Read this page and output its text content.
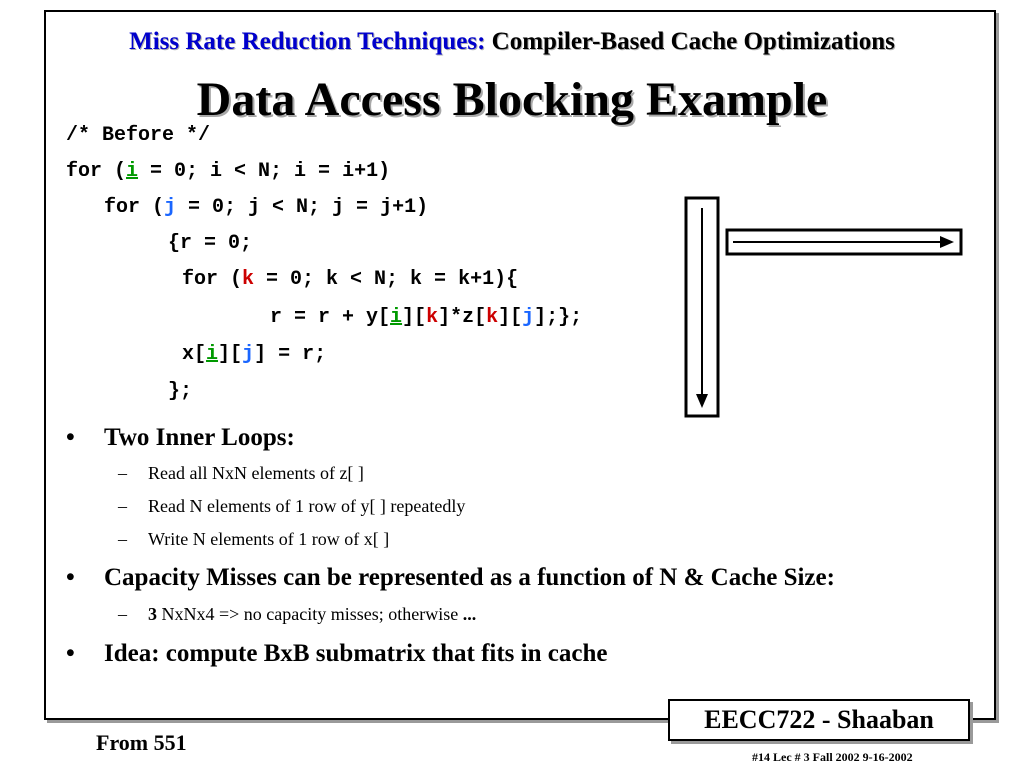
Miss Rate Reduction Techniques: Compiler-Based Cache Optimizations
Data Access Blocking Example
/* Before */
for (i = 0; i < N; i = i+1)
for (j = 0; j < N; j = j+1)
{r = 0;
for (k = 0; k < N; k = k+1){
r = r + y[i][k]*z[k][j];};
x[i][j] = r;
};
• Two Inner Loops:
– Read all NxN elements of z[ ]
– Read N elements of 1 row of y[ ] repeatedly
– Write N elements of 1 row of x[ ]
• Capacity Misses can be represented as a function of N & Cache Size:
– 3 NxNx4 => no capacity misses; otherwise ...
• Idea: compute BxB submatrix that fits in cache
From 551
EECC722 - Shaaban
#14 Lec # 3 Fall 2002 9-16-2002
